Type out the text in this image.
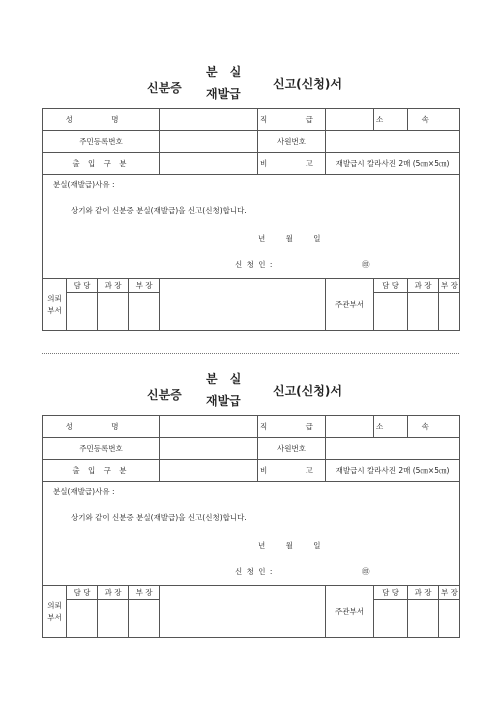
신분증
분 실
재발급
신고(신청)서
성 명					직 급		소 속		
주민등록번호					사원번호				
출 입 구 분					비 고	재발급시 칼라사진 2매 (5㎝×5㎝)			

분실(재발급)사유 :
상기와 같이 신분증 분실(재발급)을 신고(신청)합니다.
년 월 일
신 청 인 : ㊞									

의뢰부서	담 당	과 장	부 장			주관부서	담 당	과 장	부 장

신분증
분 실
재발급
신고(신청)서
성 명					직 급		소 속		
주민등록번호					사원번호				
출 입 구 분					비 고	재발급시 칼라사진 2매 (5㎝×5㎝)			

분실(재발급)사유 :
상기와 같이 신분증 분실(재발급)을 신고(신청)합니다.
년 월 일
신 청 인 : ㊞									

의뢰부서	담 당	과 장	부 장			주관부서	담 당	과 장	부 장
